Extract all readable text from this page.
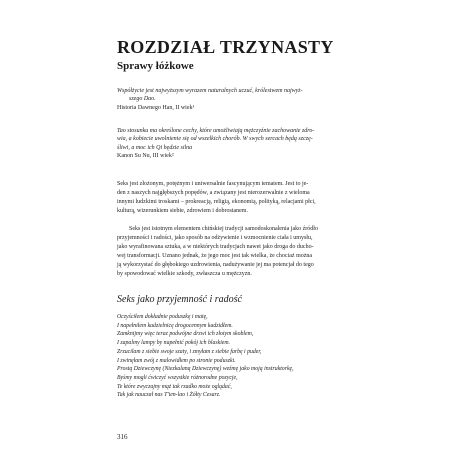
ROZDZIAŁ TRZYNASTY
Sprawy łóżkowe
Współżycie jest najwyższym wyrazem naturalnych uczuć, królestwem najwyż-
szego Dao.
Historia Dawnego Han, II wiek¹
Tao stosunku ma określone cechy, które umożliwiają mężczyźnie zachowanie zdro-
wia, a kobiecie uwolnienie się od wszelkich chorób. W swych sercach będą szczę-
śliwi, a moc ich Qi będzie silna
Kanon Su Nu, III wiek²
Seks jest złożonym, potężnym i uniwersalnie fascynującym tematem. Jest to je-
den z naszych najgłębszych popędów, a związany jest nierozerwalnie z wieloma
innymi ludzkimi troskami – prokreacją, religią, ekonomią, polityką, relacjami płci,
kulturą, wizerunkiem siebie, zdrowiem i dobrostanem.
Seks jest istotnym elementem chińskiej tradycji samodoskonalenia jako źródło
przyjemności i radości, jako sposób na odżywienie i wzmocnienie ciała i umysłu,
jako wyrafinowana sztuka, a w niektórych tradycjach nawet jako droga do ducho-
wej transformacji. Uznano jednak, że jego moc jest tak wielka, że chociaż można
ją wykorzystać do głębokiego uzdrowienia, nadużywanie jej ma potencjał do tego
by spowodować wielkie szkody, zwłaszcza u mężczyzn.
Seks jako przyjemność i radość
Oczyściłem dokładnie poduszkę i matę,
I napełniłem kadzielnicę drogocennym kadzidłem.
Zamknijmy więc teraz podwójne drzwi ich złotym skoblem,
I zapalmy lampy by napełnić pokój ich blaskiem.
Zrzucilam z siebie swoje szaty, i zmyłam z siebie farbę i puder,
I zwinęłam zwój z malowidłem po stronie poduszki.
Prostą Dziewczynę (Niezkalaną Dziewczynę) weźmę jako moją instruktorkę,
Byśmy mogli ćwiczyć wszystkie różnorodne pozycje,
Te które zwyczajny mąż tak rzadko może oglądać,
Tak jak nauczał nas T'ien-lao i Żółty Cesarz.
316
